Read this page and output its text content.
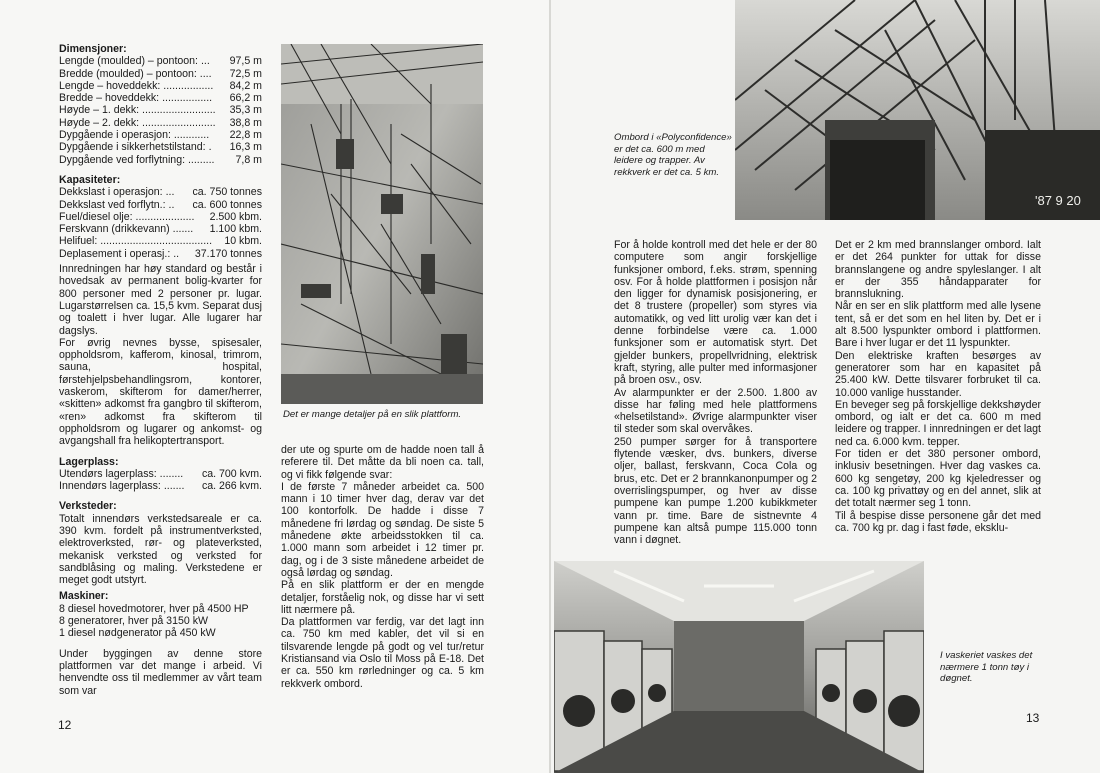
Dimensjoner:
Lengde (moulded) – pontoon: ... 97,5 m
Bredde (moulded) – pontoon: .... 72,5 m
Lengde – hoveddekk: ................. 84,2 m
Bredde – hoveddekk: ................. 66,2 m
Høyde – 1. dekk: ......................... 35,3 m
Høyde – 2. dekk: ......................... 38,8 m
Dypgående i operasjon: ............ 22,8 m
Dypgående i sikkerhetstilstand: . 16,3 m
Dypgående ved forflytning: ......... 7,8 m
Kapasiteter:
Dekkslast i operasjon: ... ca. 750 tonnes
Dekkslast ved forflytn.: .. ca. 600 tonnes
Fuel/diesel olje: .................... 2.500 kbm.
Ferskvann (drikkevann) ....... 1.100 kbm.
Helifuel: ...................................... 10 kbm.
Deplasement i operasj.: .. 37.170 tonnes

Innredningen har høy standard og består i hovedsak av permanent bolig-kvarter for 800 personer med 2 personer pr. lugar. Lugarstørrelsen ca. 15,5 kvm. Separat dusj og toalett i hver lugar. Alle lugarer har dagslys.

For øvrig nevnes bysse, spisesaler, oppholdsrom, kafferom, kinosal, trimrom, sauna, hospital, førstehjelpsbehandlingsrom, kontorer, vaskerom, skifterom for damer/herrer, «skitten» adkomst fra gangbro til skifterom, «ren» adkomst fra skifterom til oppholdsrom og lugarer og ankomst- og avgangshall fra helikoptertransport.

Lagerplass:
Utendørs lagerplass: ........ ca. 700 kvm.
Innendørs lagerplass: ....... ca. 266 kvm.
Verksteder:

Totalt innendørs verkstedsareale er ca. 390 kvm. fordelt på instrumentverksted, elektroverksted, rør- og plateverksted, mekanisk verksted og verksted for sandblåsing og maling. Verkstedene er meget godt utstyrt.

Maskiner:
8 diesel hovedmotorer, hver på 4500 HP
8 generatorer, hver på 3150 kW
1 diesel nødgenerator på 450 kW

Under byggingen av denne store plattformen var det mange i arbeid. Vi henvendte oss til medlemmer av vårt team som var

Det er mange detaljer på en slik plattform.

der ute og spurte om de hadde noen tall å referere til. Det måtte da bli noen ca. tall, og vi fikk følgende svar:

I de første 7 måneder arbeidet ca. 500 mann i 10 timer hver dag, derav var det 100 kontorfolk. De hadde i disse 7 månedene fri lørdag og søndag. De siste 5 månedene økte arbeidsstokken til ca. 1.000 mann som arbeidet i 12 timer pr. dag, og i de 3 siste månedene arbeidet de også lørdag og søndag.

På en slik plattform er der en mengde detaljer, forståelig nok, og disse har vi sett litt nærmere på.

Da plattformen var ferdig, var det lagt inn ca. 750 km med kabler, det vil si en tilsvarende lengde på godt og vel tur/retur Kristiansand via Oslo til Moss på E-18. Det er ca. 550 km rørledninger og ca. 5 km rekkverk ombord.

12
Ombord i «Polyconfidence» er det ca. 600 m med leidere og trapper. Av rekkverk er det ca. 5 km.
'87 9 20

For å holde kontroll med det hele er der 80 computere som angir forskjellige funksjoner ombord, f.eks. strøm, spenning osv. For å holde plattformen i posisjon når den ligger for dynamisk posisjonering, er det 8 trustere (propeller) som styres via automatikk, og ved litt urolig vær kan det i denne forbindelse være ca. 1.000 funksjoner som er automatisk styrt. Det gjelder bunkers, propellvridning, elektrisk kraft, styring, alle pulter med informasjoner på broen osv., osv.

Av alarmpunkter er der 2.500. 1.800 av disse har føling med hele plattformens «helsetilstand». Øvrige alarmpunkter viser til steder som skal overvåkes.

250 pumper sørger for å transportere flytende væsker, dvs. bunkers, diverse oljer, ballast, ferskvann, Coca Cola og brus, etc. Det er 2 brannkanonpumper og 2 overrislingspumper, og hver av disse pumpene kan pumpe 1.200 kubikkmeter vann pr. time. Bare de sistnevnte 4 pumpene kan altså pumpe 115.000 tonn vann i døgnet.

Det er 2 km med brannslanger ombord. Ialt er det 264 punkter for uttak for disse brannslangene og andre spyleslanger. I alt er der 355 håndapparater for brannslukning.

Når en ser en slik plattform med alle lysene tent, så er det som en hel liten by. Det er i alt 8.500 lyspunkter ombord i plattformen. Bare i hver lugar er det 11 lyspunkter.

Den elektriske kraften besørges av generatorer som har en kapasitet på 25.400 kW. Dette tilsvarer forbruket til ca. 10.000 vanlige husstander.

En beveger seg på forskjellige dekkshøyder ombord, og ialt er det ca. 600 m med leidere og trapper. I innredningen er det lagt ned ca. 6.000 kvm. tepper.

For tiden er det 380 personer ombord, inklusiv besetningen. Hver dag vaskes ca. 600 kg sengetøy, 200 kg kjeledresser og ca. 100 kg privattøy og en del annet, slik at det totalt nærmer seg 1 tonn.

Til å bespise disse personene går det med ca. 700 kg pr. dag i fast føde, eksklu-

I vaskeriet vaskes det nærmere 1 tonn tøy i døgnet.
13
